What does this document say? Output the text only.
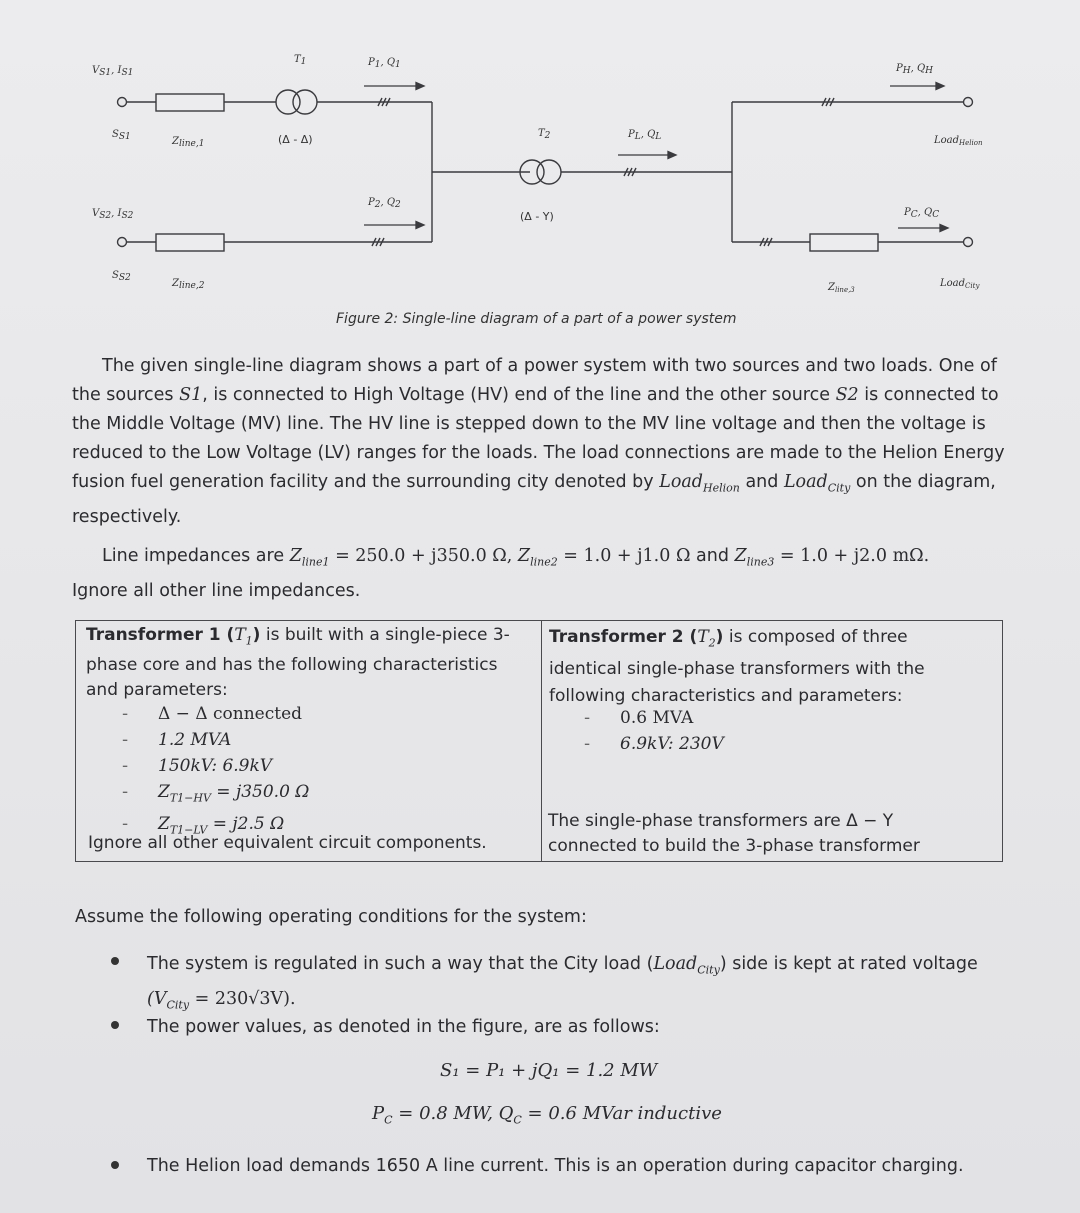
VS1, IS1
SS1	Zline,1
T1
(Δ - Δ)
P1, Q1
VS2, IS2
SS2	Zline,2
P2, Q2
T2
(Δ - Y)
PL, QL
PH, QH
Load$_{Helion}$
PC, QC
$Z_{line,3}$
Load$_{City}$
Figure 2: Single-line diagram of a part of a power system
The given single-line diagram shows a part of a power system with two sources and two loads. One of the sources S1, is connected to High Voltage (HV) end of the line and the other source S2 is connected to the Middle Voltage (MV) line. The HV line is stepped down to the MV line voltage and then the voltage is reduced to the Low Voltage (LV) ranges for the loads. The load connections are made to the Helion Energy fusion fuel generation facility and the surrounding city denoted by Load$_{Helion}$ and Load$_{City}$ on the diagram, respectively.
Line impedances are $Z_{line1} = 250.0 + j350.0$ Ω, $Z_{line2} = 1.0 + j1.0$ Ω and $Z_{line3} = 1.0 + j2.0$ mΩ.
Ignore all other line impedances.
Transformer 1 $(T_1)$ is built with a single-piece 3-
phase core and has the following characteristics
and parameters:
- Δ − Δ connected
- 1.2 MVA
- 150kV: 6.9kV
- $Z_{T1-HV} = j350.0$ Ω
- $Z_{T1-LV} = j2.5$ Ω
Ignore all other equivalent circuit components.
Transformer 2 $(T_2)$ is composed of three
identical single-phase transformers with the
following characteristics and parameters:
- 0.6 MVA
- 6.9kV: 230V
The single-phase transformers are Δ − Y
connected to build the 3-phase transformer
Assume the following operating conditions for the system:
The system is regulated in such a way that the City load (Load$_{City}$) side is kept at rated voltage
$(V_{City} = 230√3V)$.
The power values, as denoted in the figure, are as follows:
S₁ = P₁ + jQ₁ = 1.2 MW
$P_C = 0.8$ MW, $Q_C = 0.6$ MVar inductive
The Helion load demands 1650 A line current. This is an operation during capacitor charging.
